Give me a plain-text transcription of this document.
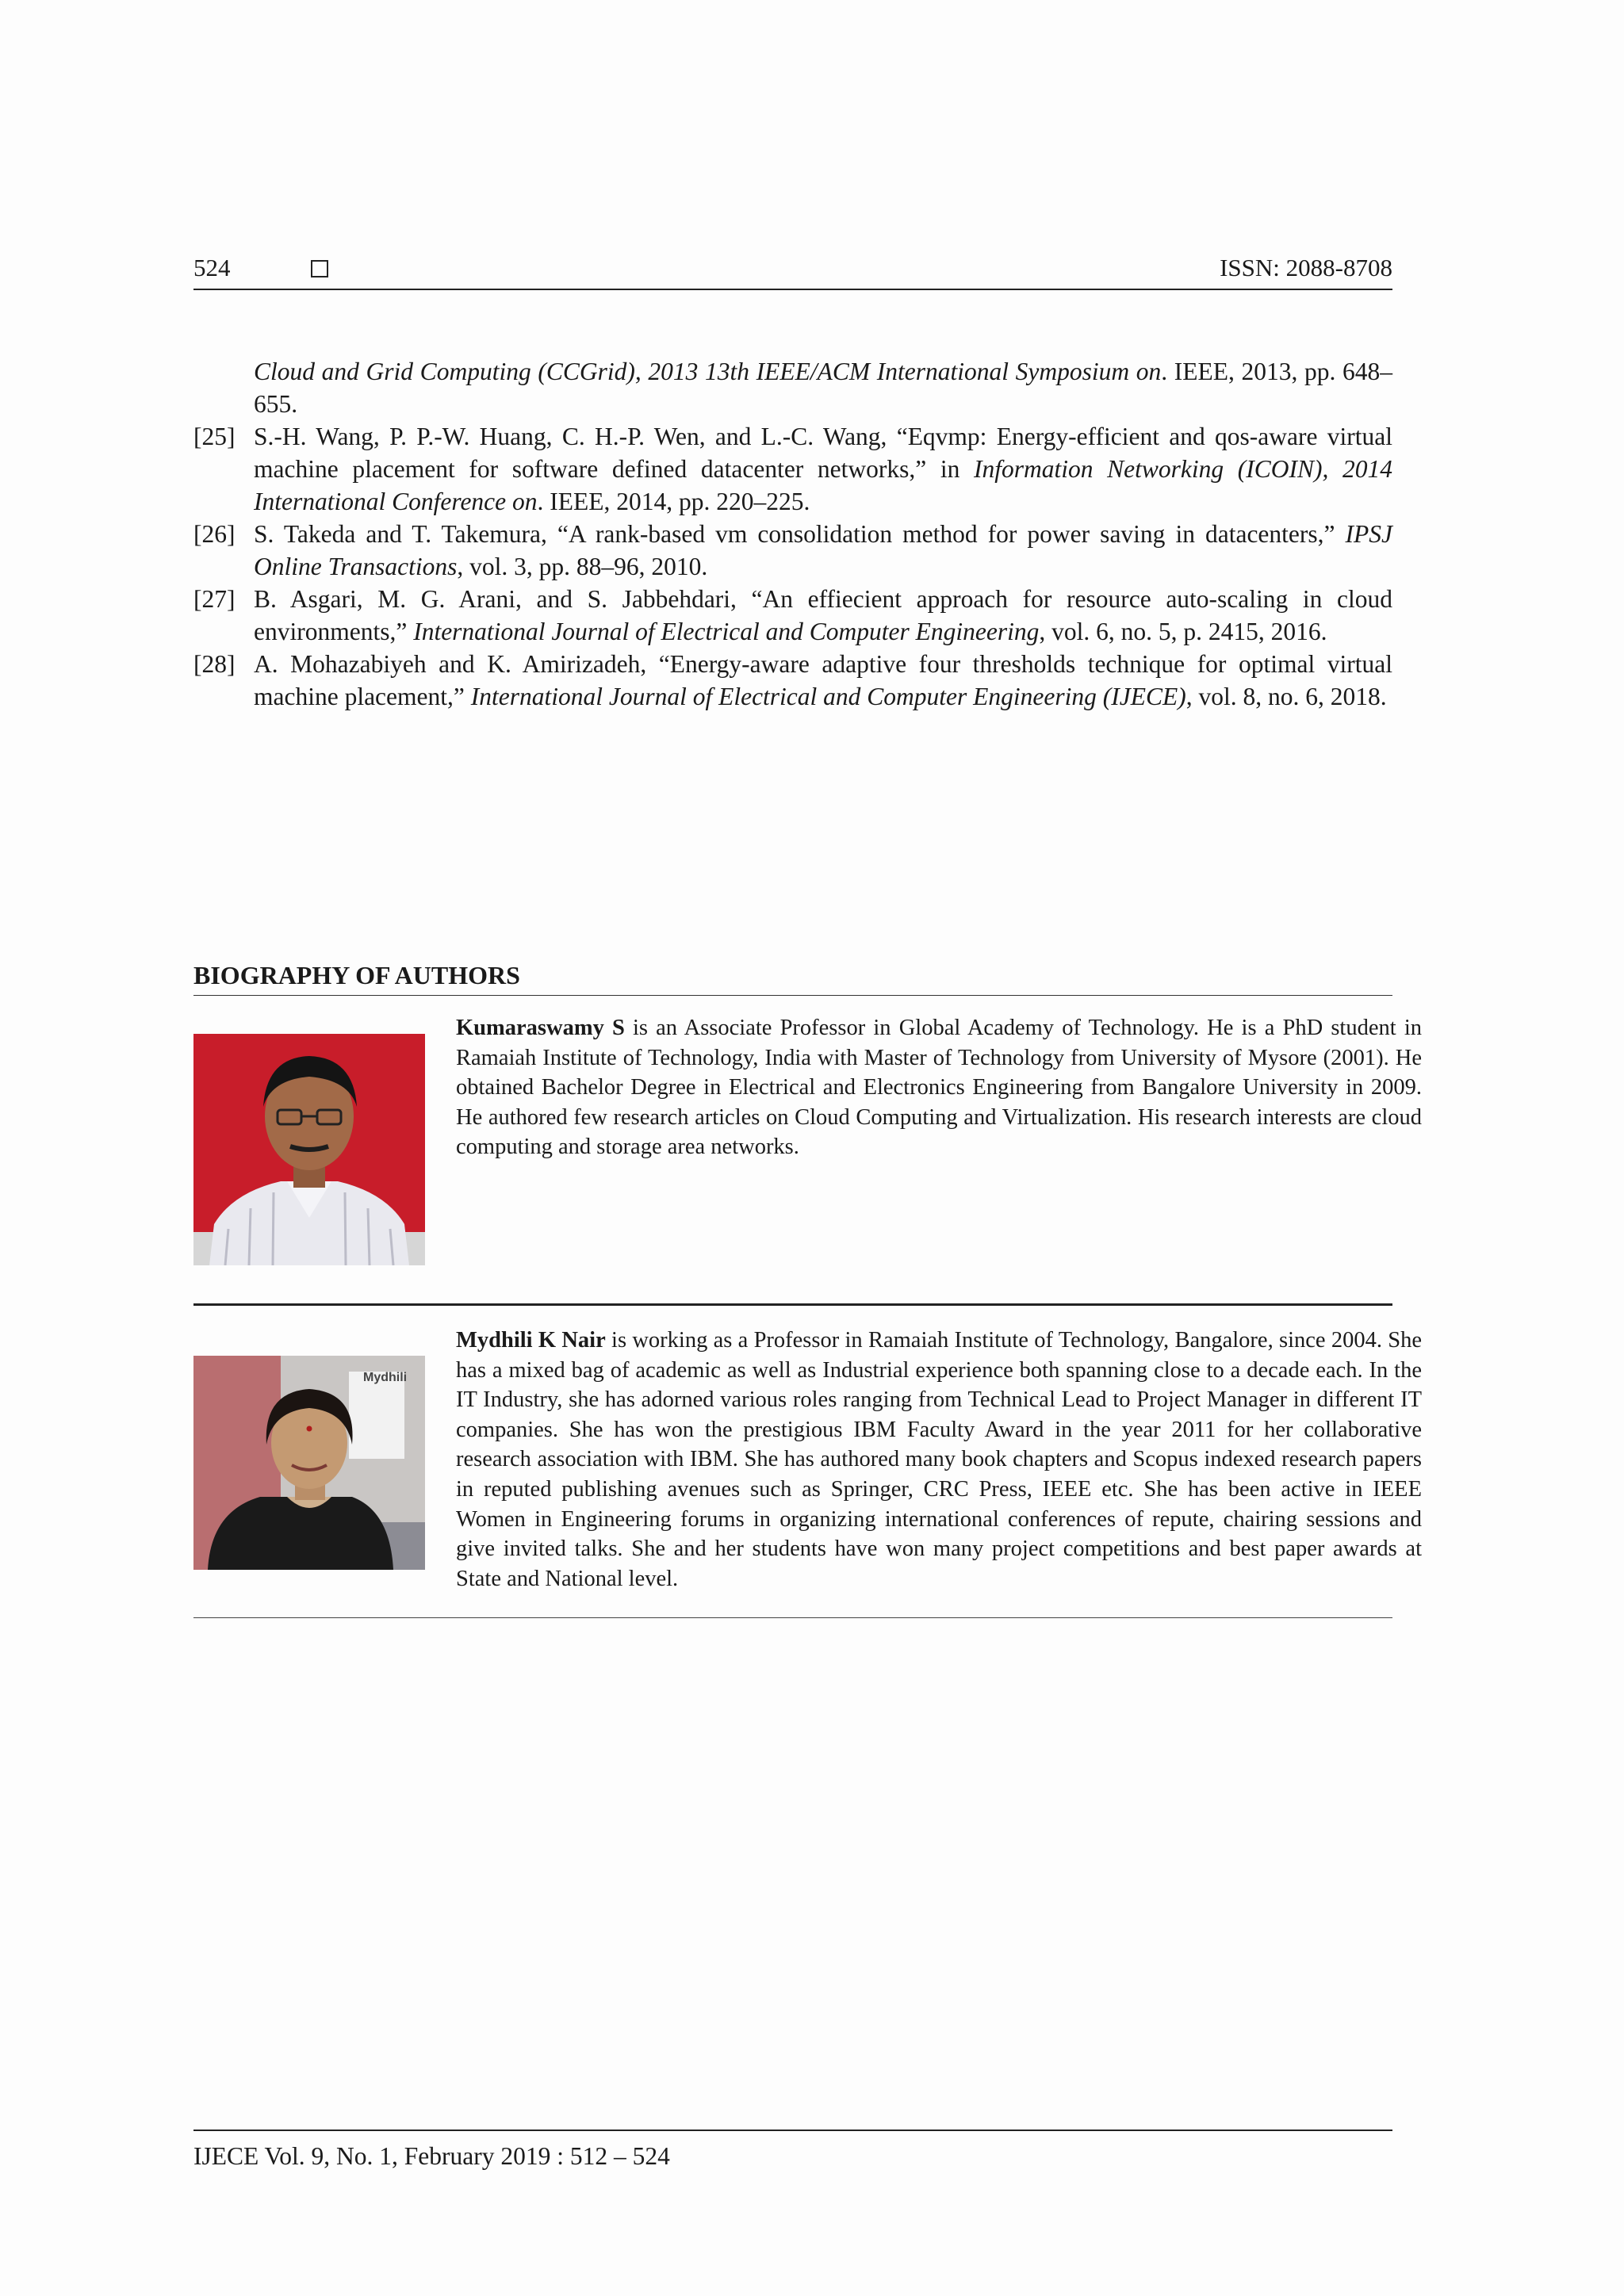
524	ISSN: 2088-8708

Cloud and Grid Computing (CCGrid), 2013 13th IEEE/ACM International Symposium on. IEEE, 2013, pp. 648–655.

[25] S.-H. Wang, P. P.-W. Huang, C. H.-P. Wen, and L.-C. Wang, “Eqvmp: Energy-efficient and qos-aware virtual machine placement for software defined datacenter networks,” in Information Networking (ICOIN), 2014 International Conference on. IEEE, 2014, pp. 220–225.

[26] S. Takeda and T. Takemura, “A rank-based vm consolidation method for power saving in datacenters,” IPSJ Online Transactions, vol. 3, pp. 88–96, 2010.

[27] B. Asgari, M. G. Arani, and S. Jabbehdari, “An effiecient approach for resource auto-scaling in cloud environments,” International Journal of Electrical and Computer Engineering, vol. 6, no. 5, p. 2415, 2016.

[28] A. Mohazabiyeh and K. Amirizadeh, “Energy-aware adaptive four thresholds technique for optimal virtual machine placement,” International Journal of Electrical and Computer Engineering (IJECE), vol. 8, no. 6, 2018.

BIOGRAPHY OF AUTHORS
Kumaraswamy S is an Associate Professor in Global Academy of Technology. He is a PhD student in Ramaiah Institute of Technology, India with Master of Technology from University of Mysore (2001). He obtained Bachelor Degree in Electrical and Electronics Engineering from Bangalore University in 2009. He authored few research articles on Cloud Computing and Virtualization. His research interests are cloud computing and storage area networks.
Mydhili
Mydhili K Nair is working as a Professor in Ramaiah Institute of Technology, Bangalore, since 2004. She has a mixed bag of academic as well as Industrial experience both spanning close to a decade each. In the IT Industry, she has adorned various roles ranging from Technical Lead to Project Manager in different IT companies. She has won the prestigious IBM Faculty Award in the year 2011 for her collaborative research association with IBM. She has authored many book chapters and Scopus indexed research papers in reputed publishing avenues such as Springer, CRC Press, IEEE etc. She has been active in IEEE Women in Engineering forums in organizing international conferences of repute, chairing sessions and give invited talks. She and her students have won many project competitions and best paper awards at State and National level.
IJECE Vol. 9, No. 1, February 2019 : 512 – 524
